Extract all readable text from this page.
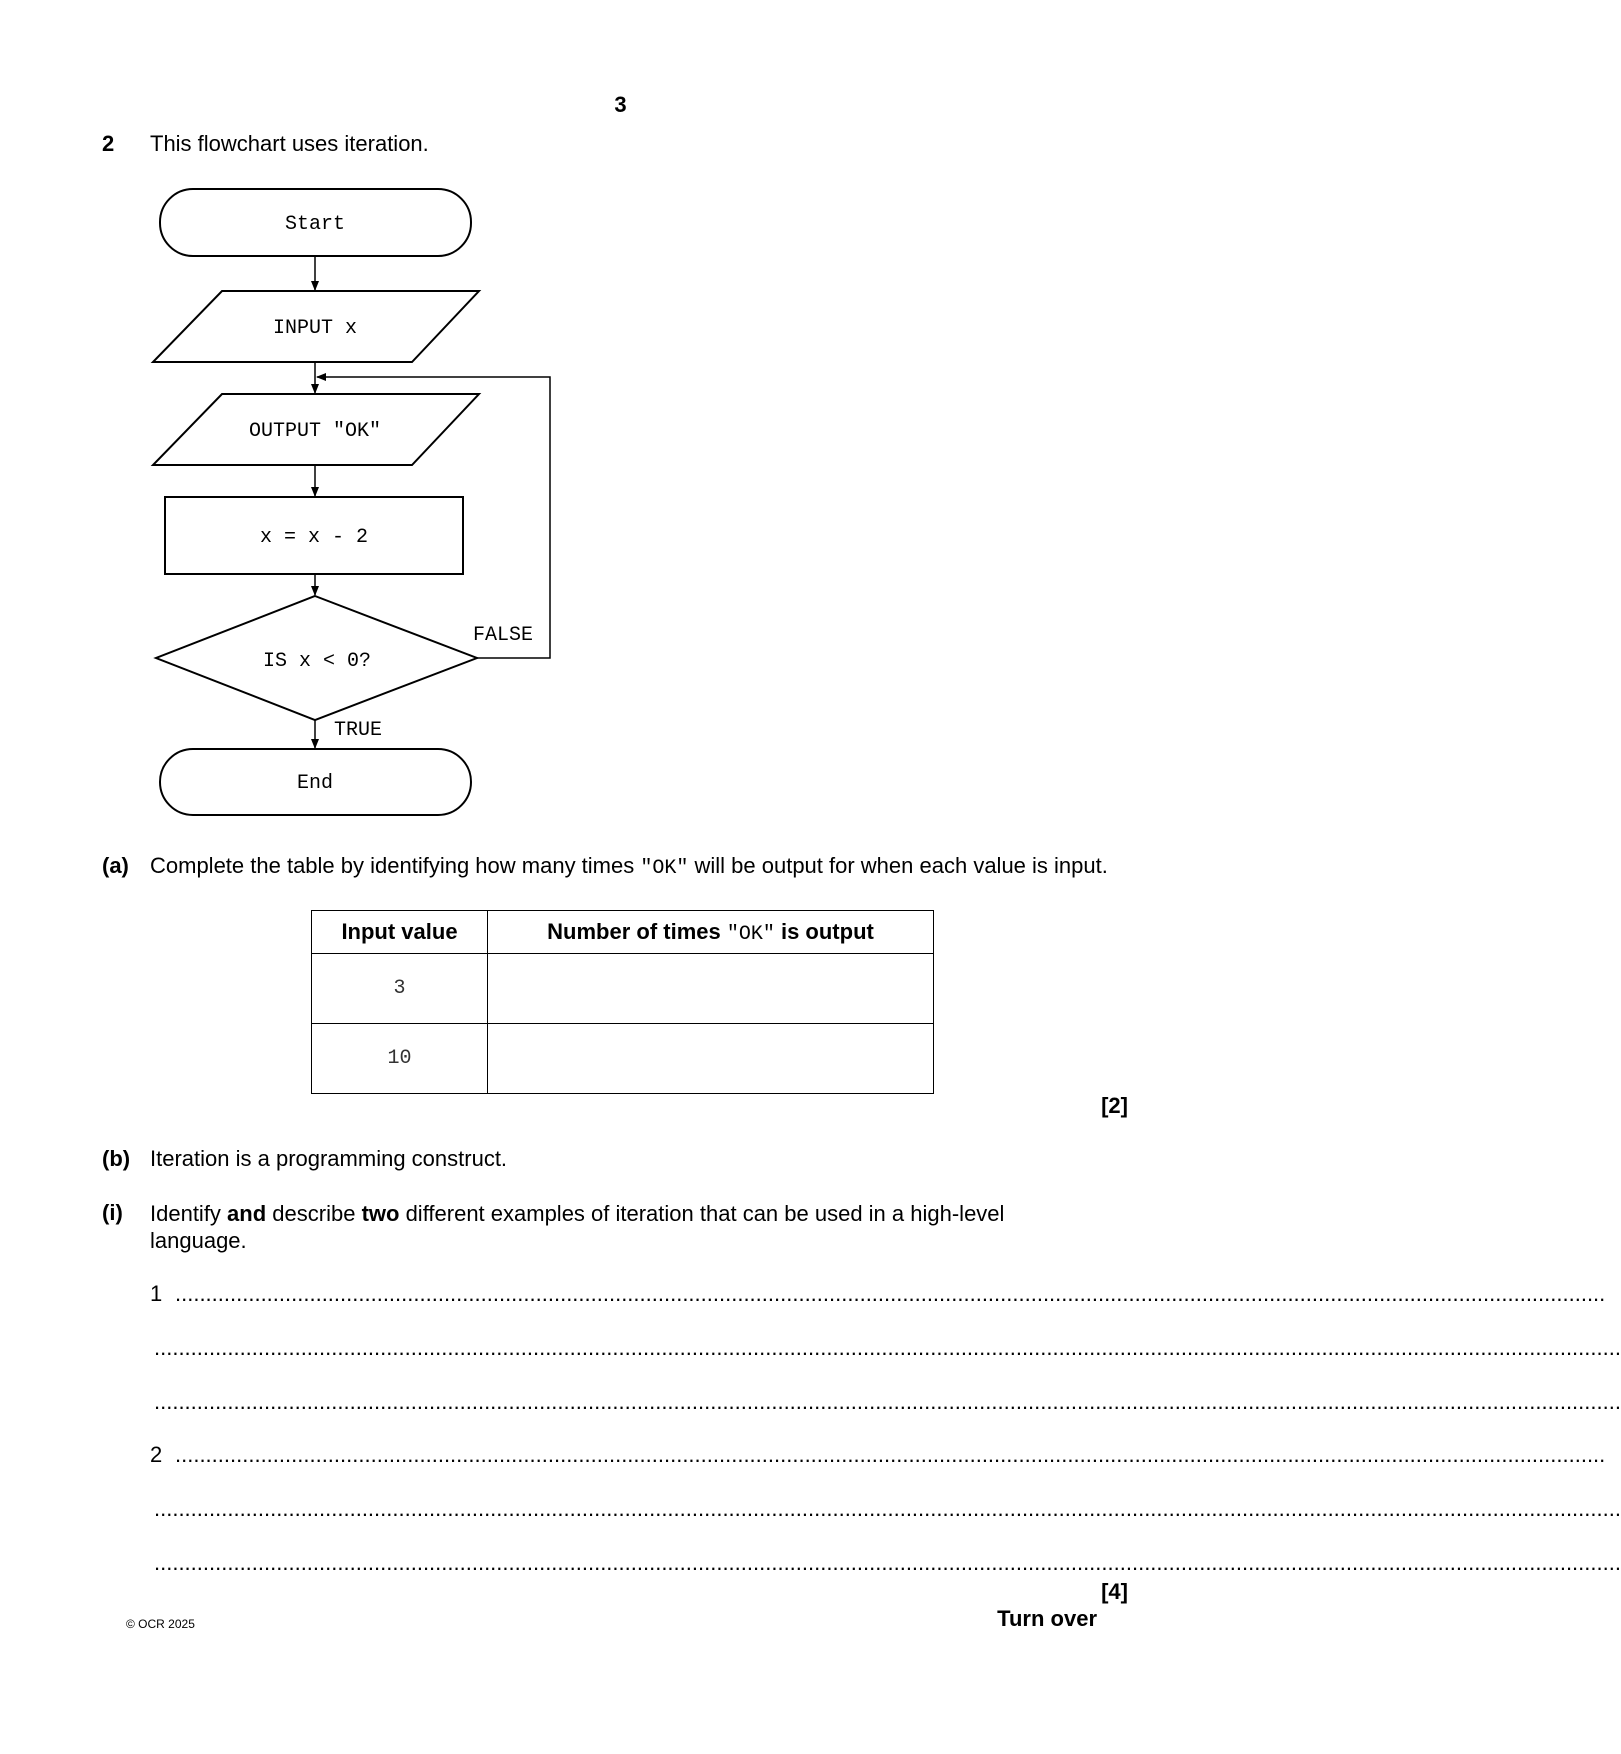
3
2 This flowchart uses iteration.
Start
INPUT x
OUTPUT "OK"
x = x - 2
IS x < 0?
FALSE
TRUE
End
(a) Complete the table by identifying how many times "OK" will be output for when each value is input.
Input value	Number of times "OK" is output
3	
10	
[2]
(b) Iteration is a programming construct.
(i) Identify and describe two different examples of iteration that can be used in a high-level
language.
1 ..........................................................................................................................................................................................................................................
................................................................................................................................................................................................................................................
................................................................................................................................................................................................................................................
2 ..........................................................................................................................................................................................................................................
................................................................................................................................................................................................................................................
................................................................................................................................................................................................................................................
[4]
© OCR 2025	Turn over
